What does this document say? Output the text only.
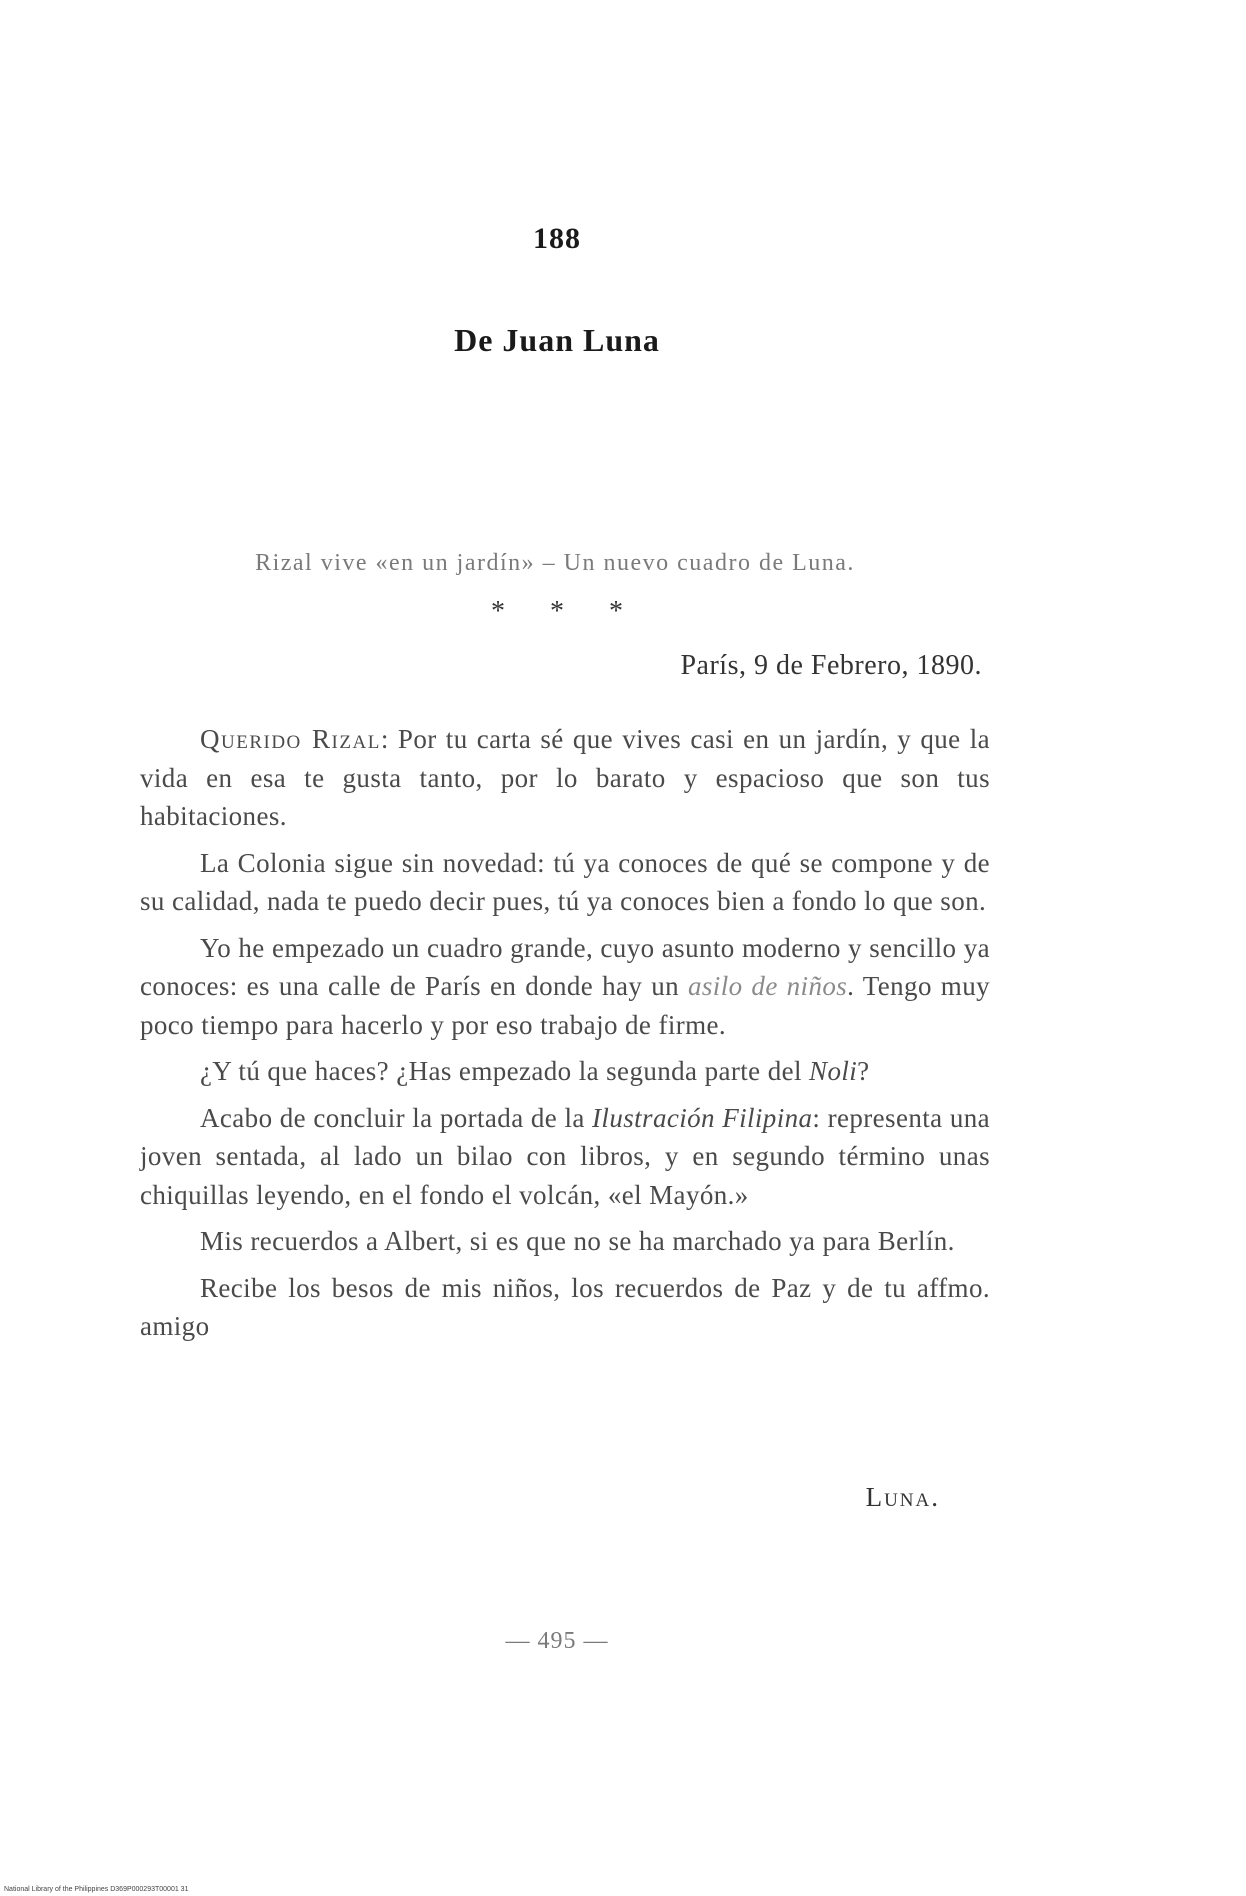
188
De Juan Luna
Rizal vive «en un jardín» – Un nuevo cuadro de Luna.
* * *
París, 9 de Febrero, 1890.

Querido Rizal: Por tu carta sé que vives casi en un jardín, y que la vida en esa te gusta tanto, por lo barato y espacioso que son tus habitaciones.

La Colonia sigue sin novedad: tú ya conoces de qué se compone y de su calidad, nada te puedo decir pues, tú ya conoces bien a fondo lo que son.

Yo he empezado un cuadro grande, cuyo asunto moderno y sencillo ya conoces: es una calle de París en donde hay un asilo de niños. Tengo muy poco tiempo para hacerlo y por eso trabajo de firme.

¿Y tú que haces? ¿Has empezado la segunda parte del Noli?

Acabo de concluir la portada de la Ilustración Filipina: representa una joven sentada, al lado un bilao con libros, y en segundo término unas chiquillas leyendo, en el fondo el volcán, «el Mayón.»

Mis recuerdos a Albert, si es que no se ha marchado ya para Berlín.

Recibe los besos de mis niños, los recuerdos de Paz y de tu affmo. amigo

Luna.
— 495 —
National Library of the Philippines D369P000293T00001 31
